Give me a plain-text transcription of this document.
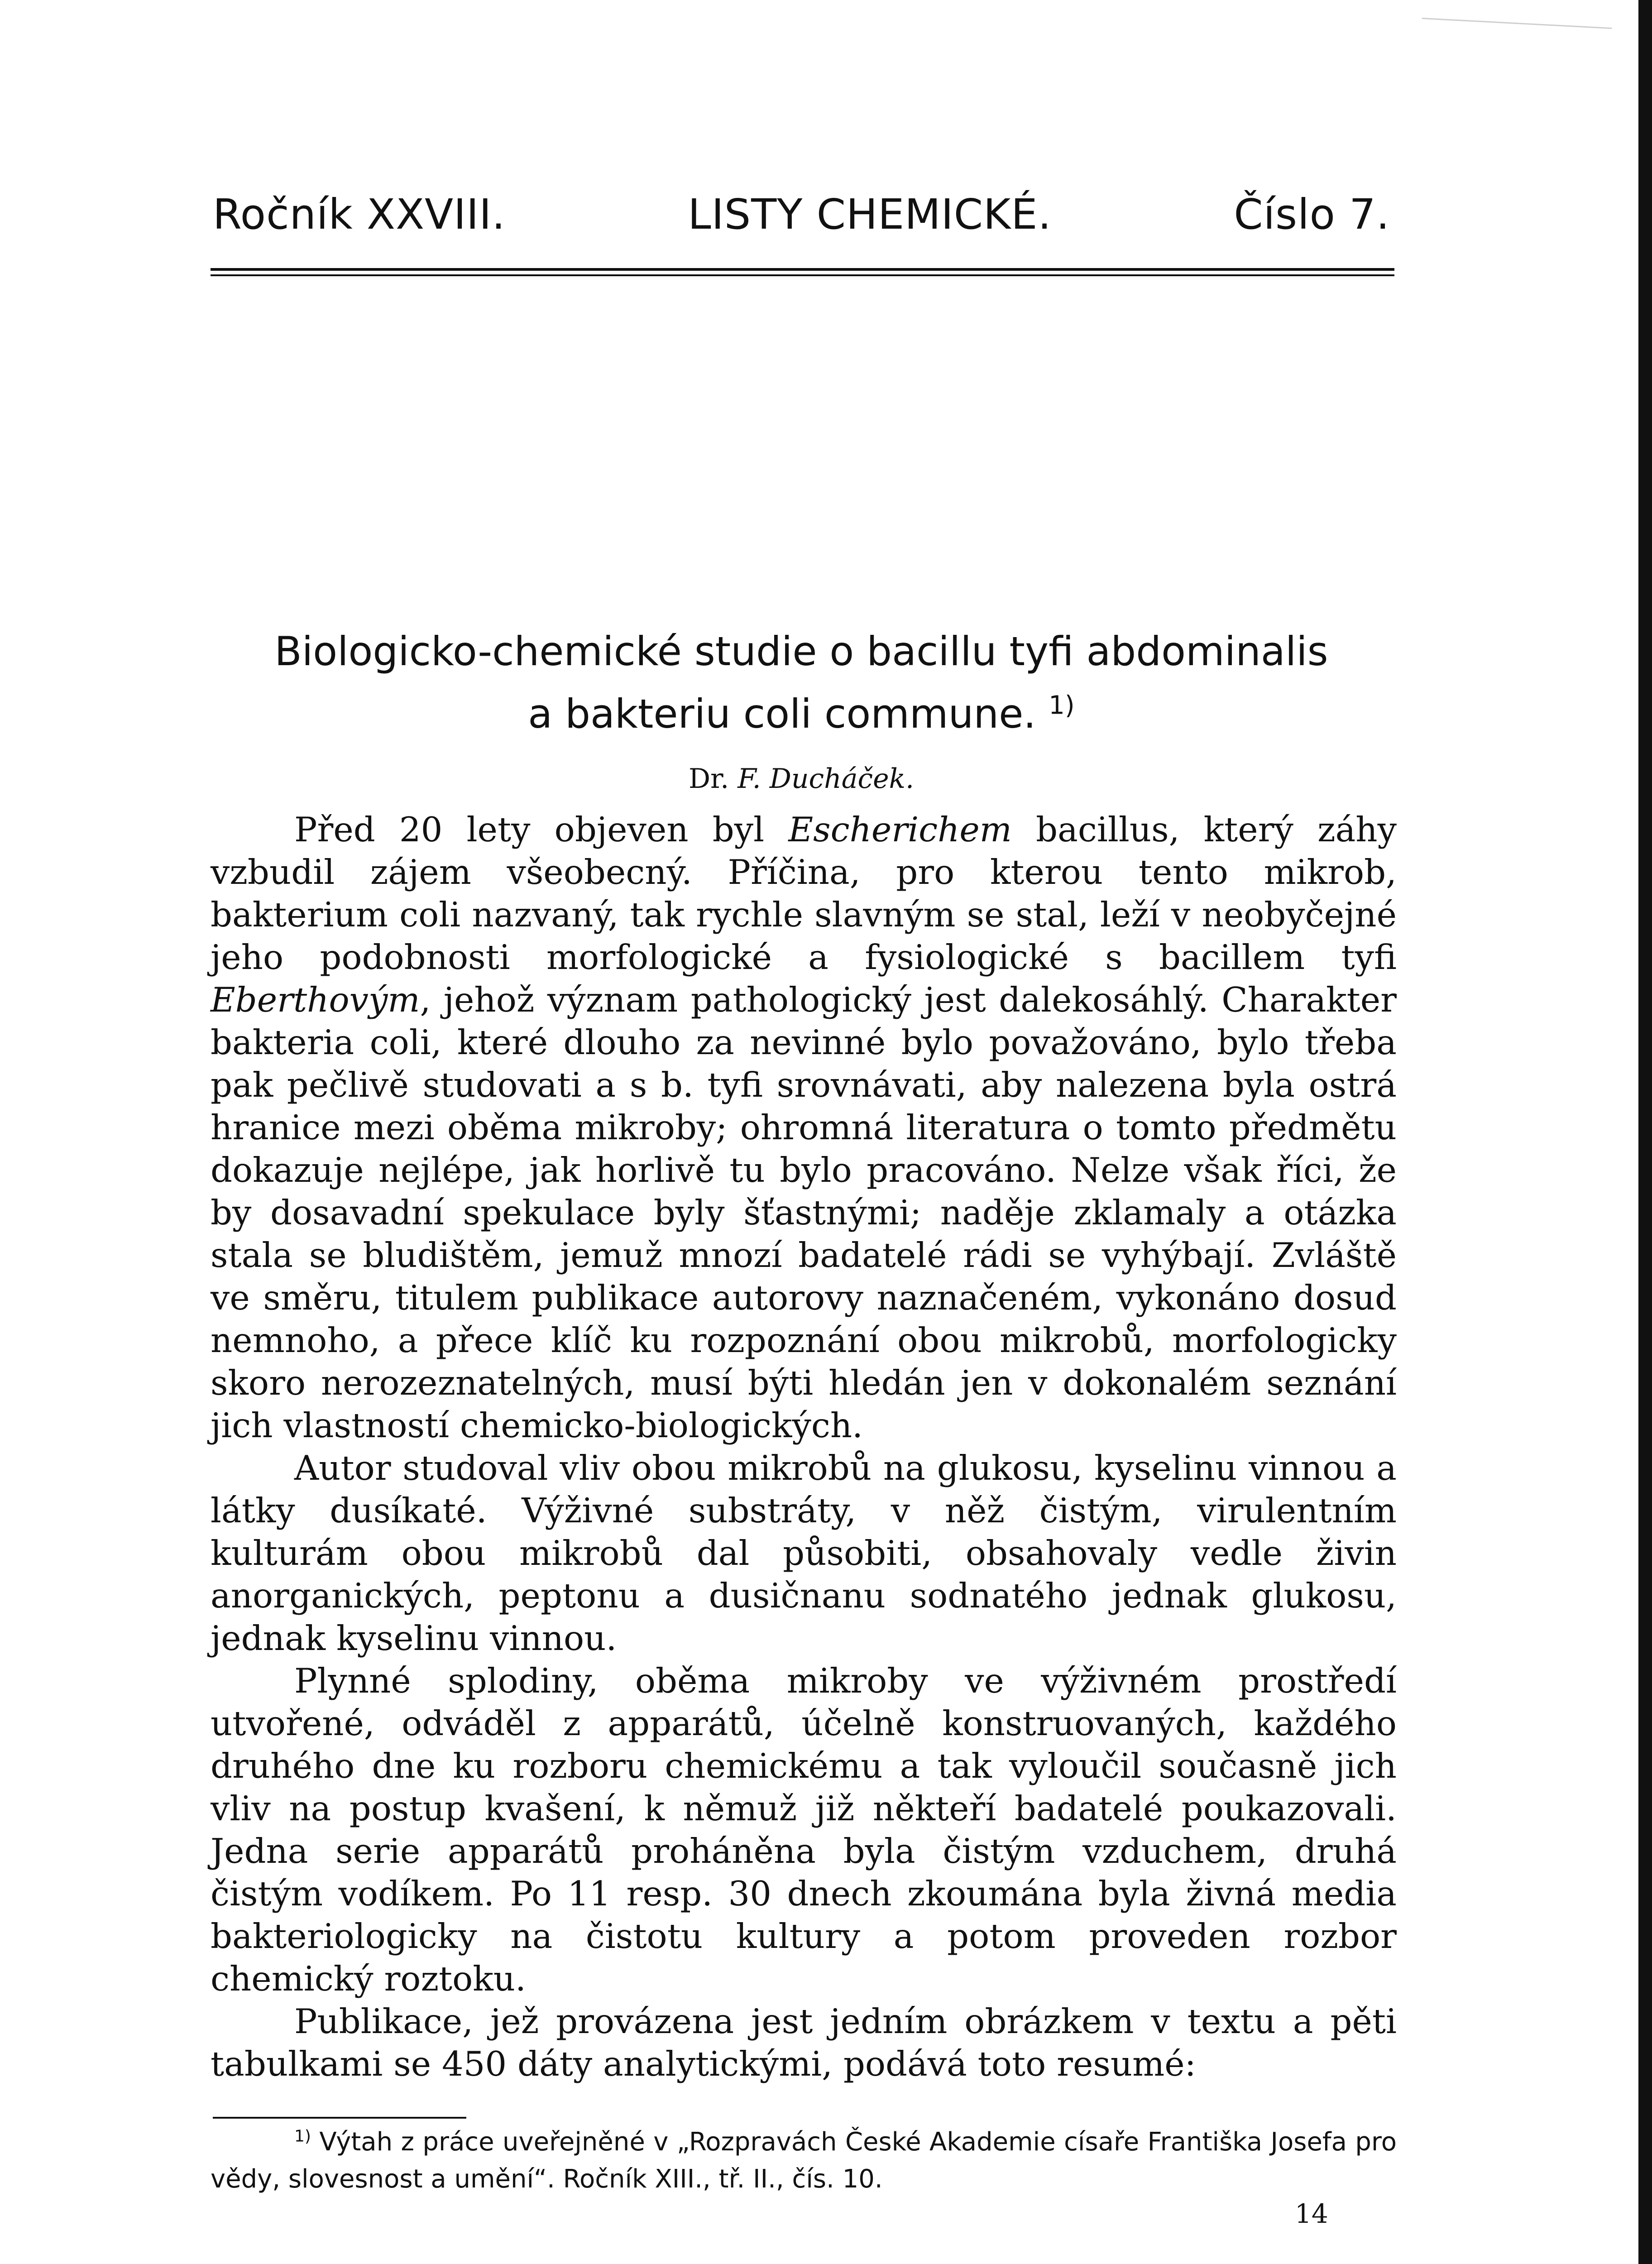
Ročník XXVIII.	LISTY CHEMICKÉ.	Číslo 7.
Biologicko-chemické studie o bacillu tyfi abdominalis
a bakteriu coli commune. $^{1)}$
Dr. F. Ducháček.

Před 20 lety objeven byl Escherichem bacillus, který záhy vzbudil zájem všeobecný. Příčina, pro kterou tento mikrob, bakterium coli nazvaný, tak rychle slavným se stal, leží v neobyčejné jeho podobnosti morfologické a fysiologické s bacillem tyfi Eberthovým, jehož význam pathologický jest dalekosáhlý. Charakter bakteria coli, které dlouho za nevinné bylo považováno, bylo třeba pak pečlivě studovati a s b. tyfi srovnávati, aby nalezena byla ostrá hranice mezi oběma mikroby; ohromná literatura o tomto předmětu dokazuje nejlépe, jak horlivě tu bylo pracováno. Nelze však říci, že by dosavadní spekulace byly šťastnými; naděje zklamaly a otázka stala se bludištěm, jemuž mnozí badatelé rádi se vyhýbají. Zvláště ve směru, titulem publikace autorovy naznačeném, vykonáno dosud nemnoho, a přece klíč ku rozpoznání obou mikrobů, morfologicky skoro nerozeznatelných, musí býti hledán jen v dokonalém seznání jich vlastností chemicko-biologických.

Autor studoval vliv obou mikrobů na glukosu, kyselinu vinnou a látky dusíkaté. Výživné substráty, v něž čistým, virulentním kulturám obou mikrobů dal působiti, obsahovaly vedle živin anorganických, peptonu a dusičnanu sodnatého jednak glukosu, jednak kyselinu vinnou.

Plynné splodiny, oběma mikroby ve výživném prostředí utvořené, odváděl z apparátů, účelně konstruovaných, každého druhého dne ku rozboru chemickému a tak vyloučil současně jich vliv na postup kvašení, k němuž již někteří badatelé poukazovali. Jedna serie apparátů proháněna byla čistým vzduchem, druhá čistým vodíkem. Po 11 resp. 30 dnech zkoumána byla živná media bakteriologicky na čistotu kultury a potom proveden rozbor chemický roztoku.

Publikace, jež provázena jest jedním obrázkem v textu a pěti tabulkami se 450 dáty analytickými, podává toto resumé:

$^{1)}$ Výtah z práce uveřejněné v „Rozpravách České Akademie císaře Františka Josefa pro vědy, slovesnost a umění“. Ročník XIII., tř. II., čís. 10.
14
